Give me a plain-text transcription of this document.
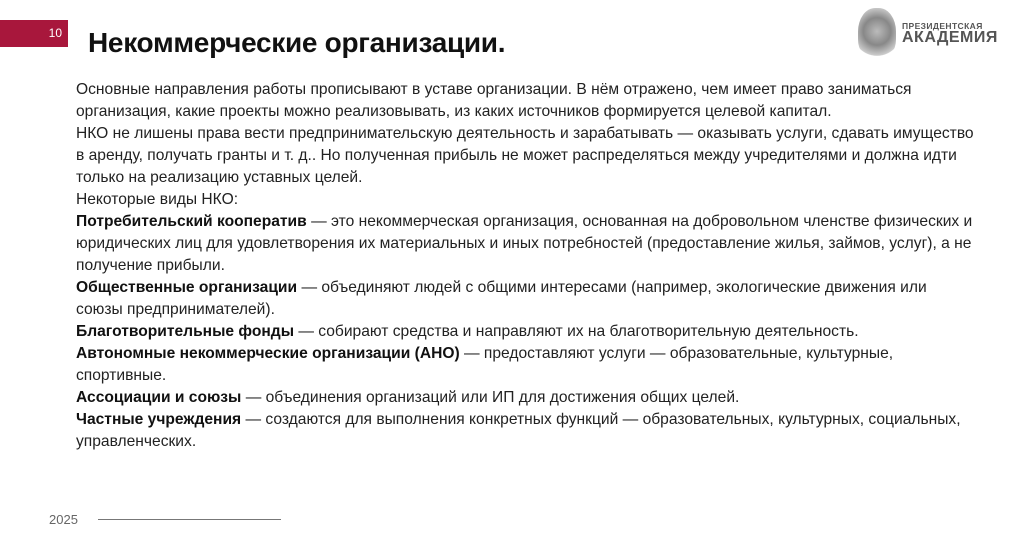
10 Некоммерческие организации.
ПРЕЗИДЕНТСКАЯ
АКАДЕМИЯ

Основные направления работы прописывают в уставе организации. В нём отражено, чем имеет право заниматься организация, какие проекты можно реализовывать, из каких источников формируется целевой капитал.

НКО не лишены права вести предпринимательскую деятельность и зарабатывать — оказывать услуги, сдавать имущество в аренду, получать гранты и т. д.. Но полученная прибыль не может распределяться между учредителями и должна идти только на реализацию уставных целей.

Некоторые виды НКО:

Потребительский кооператив — это некоммерческая организация, основанная на добровольном членстве физических и юридических лиц для удовлетворения их материальных и иных потребностей (предоставление жилья, займов, услуг), а не получение прибыли.

Общественные организации — объединяют людей с общими интересами (например, экологические движения или союзы предпринимателей).

Благотворительные фонды — собирают средства и направляют их на благотворительную деятельность.

Автономные некоммерческие организации (АНО) — предоставляют услуги — образовательные, культурные, спортивные.

Ассоциации и союзы — объединения организаций или ИП для достижения общих целей.

Частные учреждения — создаются для выполнения конкретных функций — образовательных, культурных, социальных, управленческих.

2025
